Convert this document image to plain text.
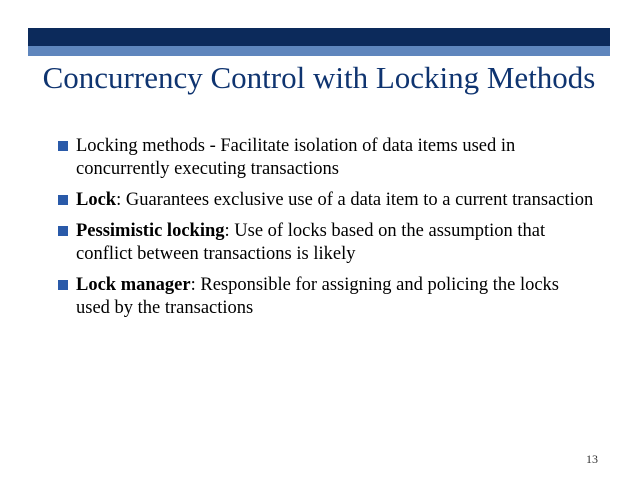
Concurrency Control with Locking Methods
Locking methods - Facilitate isolation of data items used in concurrently executing transactions
Lock: Guarantees exclusive use of a data item to a current transaction
Pessimistic locking: Use of locks based on the assumption that conflict between transactions is likely
Lock manager: Responsible for assigning and policing the locks used by the transactions
13
